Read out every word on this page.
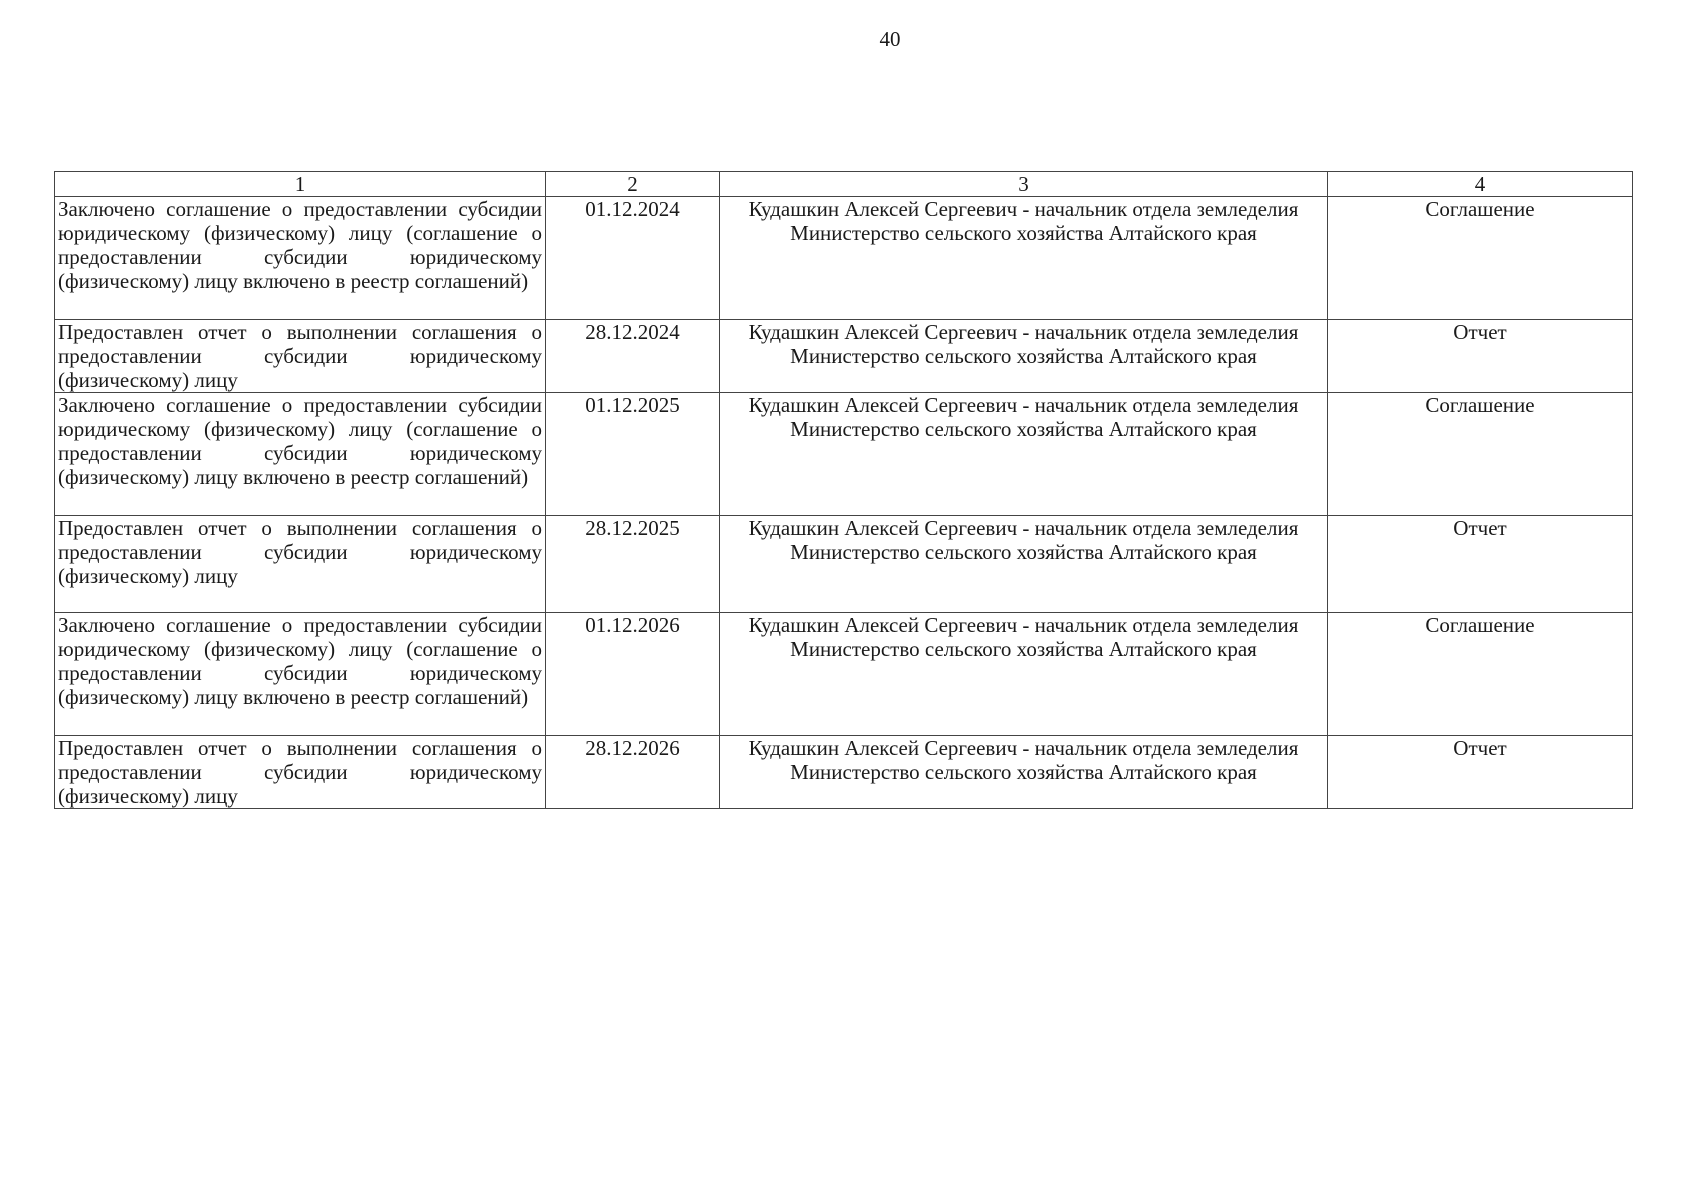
40
1	2	3	4
Заключено соглашение о предоставлении субсидии юридическому (физическому) лицу (соглашение о предоставлении субсидии юридическому (физическому) лицу включено в реестр соглашений)	01.12.2024	Кудашкин Алексей Сергеевич - начальник отдела земледелия Министерство сельского хозяйства Алтайского края	Соглашение
Предоставлен отчет о выполнении соглашения о предоставлении субсидии юридическому (физическому) лицу	28.12.2024	Кудашкин Алексей Сергеевич - начальник отдела земледелия Министерство сельского хозяйства Алтайского края	Отчет
Заключено соглашение о предоставлении субсидии юридическому (физическому) лицу (соглашение о предоставлении субсидии юридическому (физическому) лицу включено в реестр соглашений)	01.12.2025	Кудашкин Алексей Сергеевич - начальник отдела земледелия Министерство сельского хозяйства Алтайского края	Соглашение
Предоставлен отчет о выполнении соглашения о предоставлении субсидии юридическому (физическому) лицу	28.12.2025	Кудашкин Алексей Сергеевич - начальник отдела земледелия Министерство сельского хозяйства Алтайского края	Отчет
Заключено соглашение о предоставлении субсидии юридическому (физическому) лицу (соглашение о предоставлении субсидии юридическому (физическому) лицу включено в реестр соглашений)	01.12.2026	Кудашкин Алексей Сергеевич - начальник отдела земледелия Министерство сельского хозяйства Алтайского края	Соглашение
Предоставлен отчет о выполнении соглашения о предоставлении субсидии юридическому (физическому) лицу	28.12.2026	Кудашкин Алексей Сергеевич - начальник отдела земледелия Министерство сельского хозяйства Алтайского края	Отчет
